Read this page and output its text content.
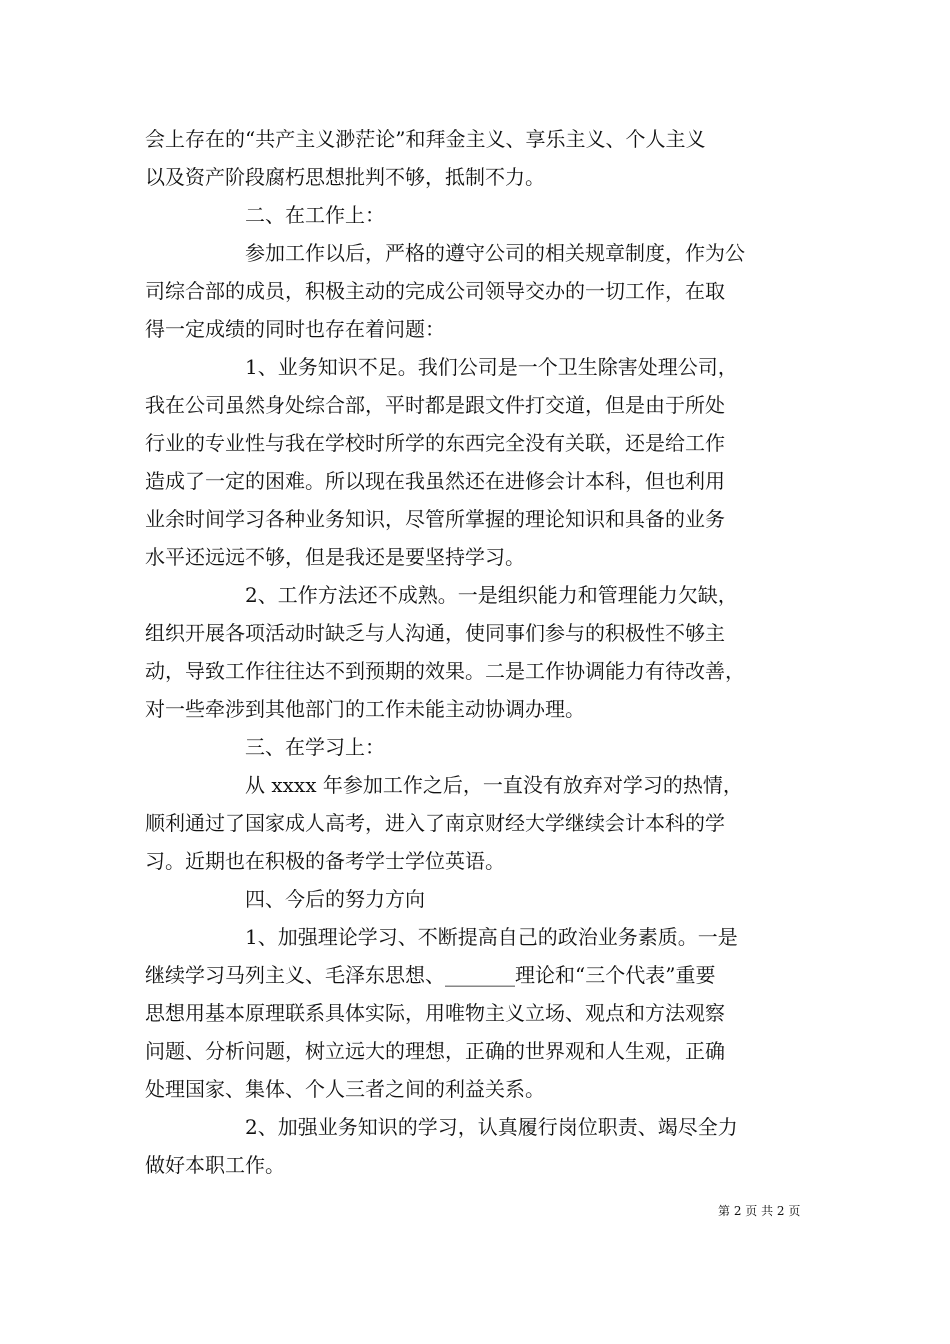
会上存在的“共产主义渺茫论”和拜金主义、享乐主义、个人主义
以及资产阶段腐朽思想批判不够，抵制不力。
二、在工作上：
参加工作以后，严格的遵守公司的相关规章制度，作为公
司综合部的成员，积极主动的完成公司领导交办的一切工作，在取
得一定成绩的同时也存在着问题：
1、业务知识不足。我们公司是一个卫生除害处理公司，
我在公司虽然身处综合部，平时都是跟文件打交道，但是由于所处
行业的专业性与我在学校时所学的东西完全没有关联，还是给工作
造成了一定的困难。所以现在我虽然还在进修会计本科，但也利用
业余时间学习各种业务知识，尽管所掌握的理论知识和具备的业务
水平还远远不够，但是我还是要坚持学习。
2、工作方法还不成熟。一是组织能力和管理能力欠缺，
组织开展各项活动时缺乏与人沟通，使同事们参与的积极性不够主
动，导致工作往往达不到预期的效果。二是工作协调能力有待改善，
对一些牵涉到其他部门的工作未能主动协调办理。
三、在学习上：
从 xxxx 年参加工作之后，一直没有放弃对学习的热情，
顺利通过了国家成人高考，进入了南京财经大学继续会计本科的学
习。近期也在积极的备考学士学位英语。
四、今后的努力方向
1、加强理论学习、不断提高自己的政治业务素质。一是
继续学习马列主义、毛泽东思想、_______理论和“三个代表”重要
思想用基本原理联系具体实际，用唯物主义立场、观点和方法观察
问题、分析问题，树立远大的理想，正确的世界观和人生观，正确
处理国家、集体、个人三者之间的利益关系。
2、加强业务知识的学习，认真履行岗位职责、竭尽全力
做好本职工作。
第 2 页 共 2 页
